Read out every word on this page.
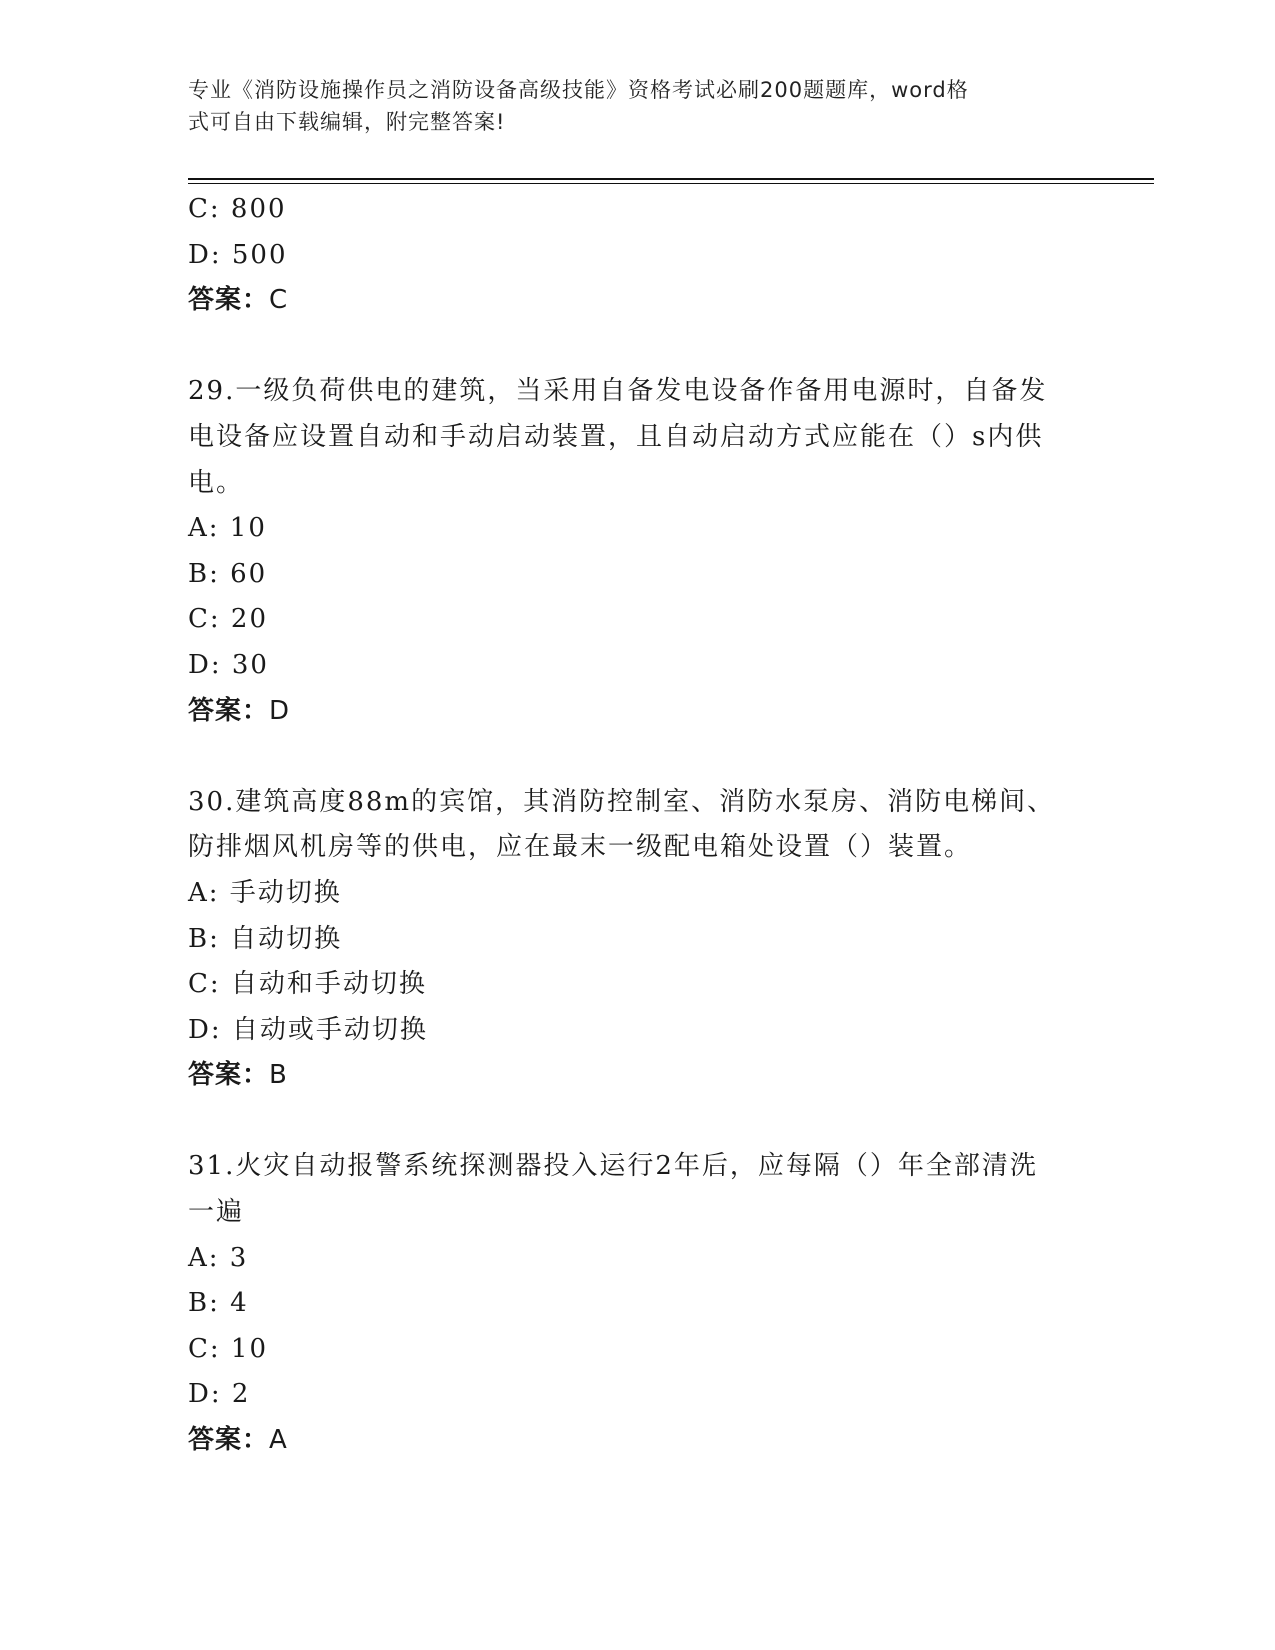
专业《消防设施操作员之消防设备高级技能》资格考试必刷200题题库，word格
式可自由下载编辑，附完整答案!
C: 800
D: 500
答案：C
29.一级负荷供电的建筑，当采用自备发电设备作备用电源时，自备发
电设备应设置自动和手动启动装置，且自动启动方式应能在（）s内供
电。
A: 10
B: 60
C: 20
D: 30
答案：D
30.建筑高度88m的宾馆，其消防控制室、消防水泵房、消防电梯间、
防排烟风机房等的供电，应在最末一级配电箱处设置（）装置。
A: 手动切换
B: 自动切换
C: 自动和手动切换
D: 自动或手动切换
答案：B
31.火灾自动报警系统探测器投入运行2年后，应每隔（）年全部清洗
一遍
A: 3
B: 4
C: 10
D: 2
答案：A
